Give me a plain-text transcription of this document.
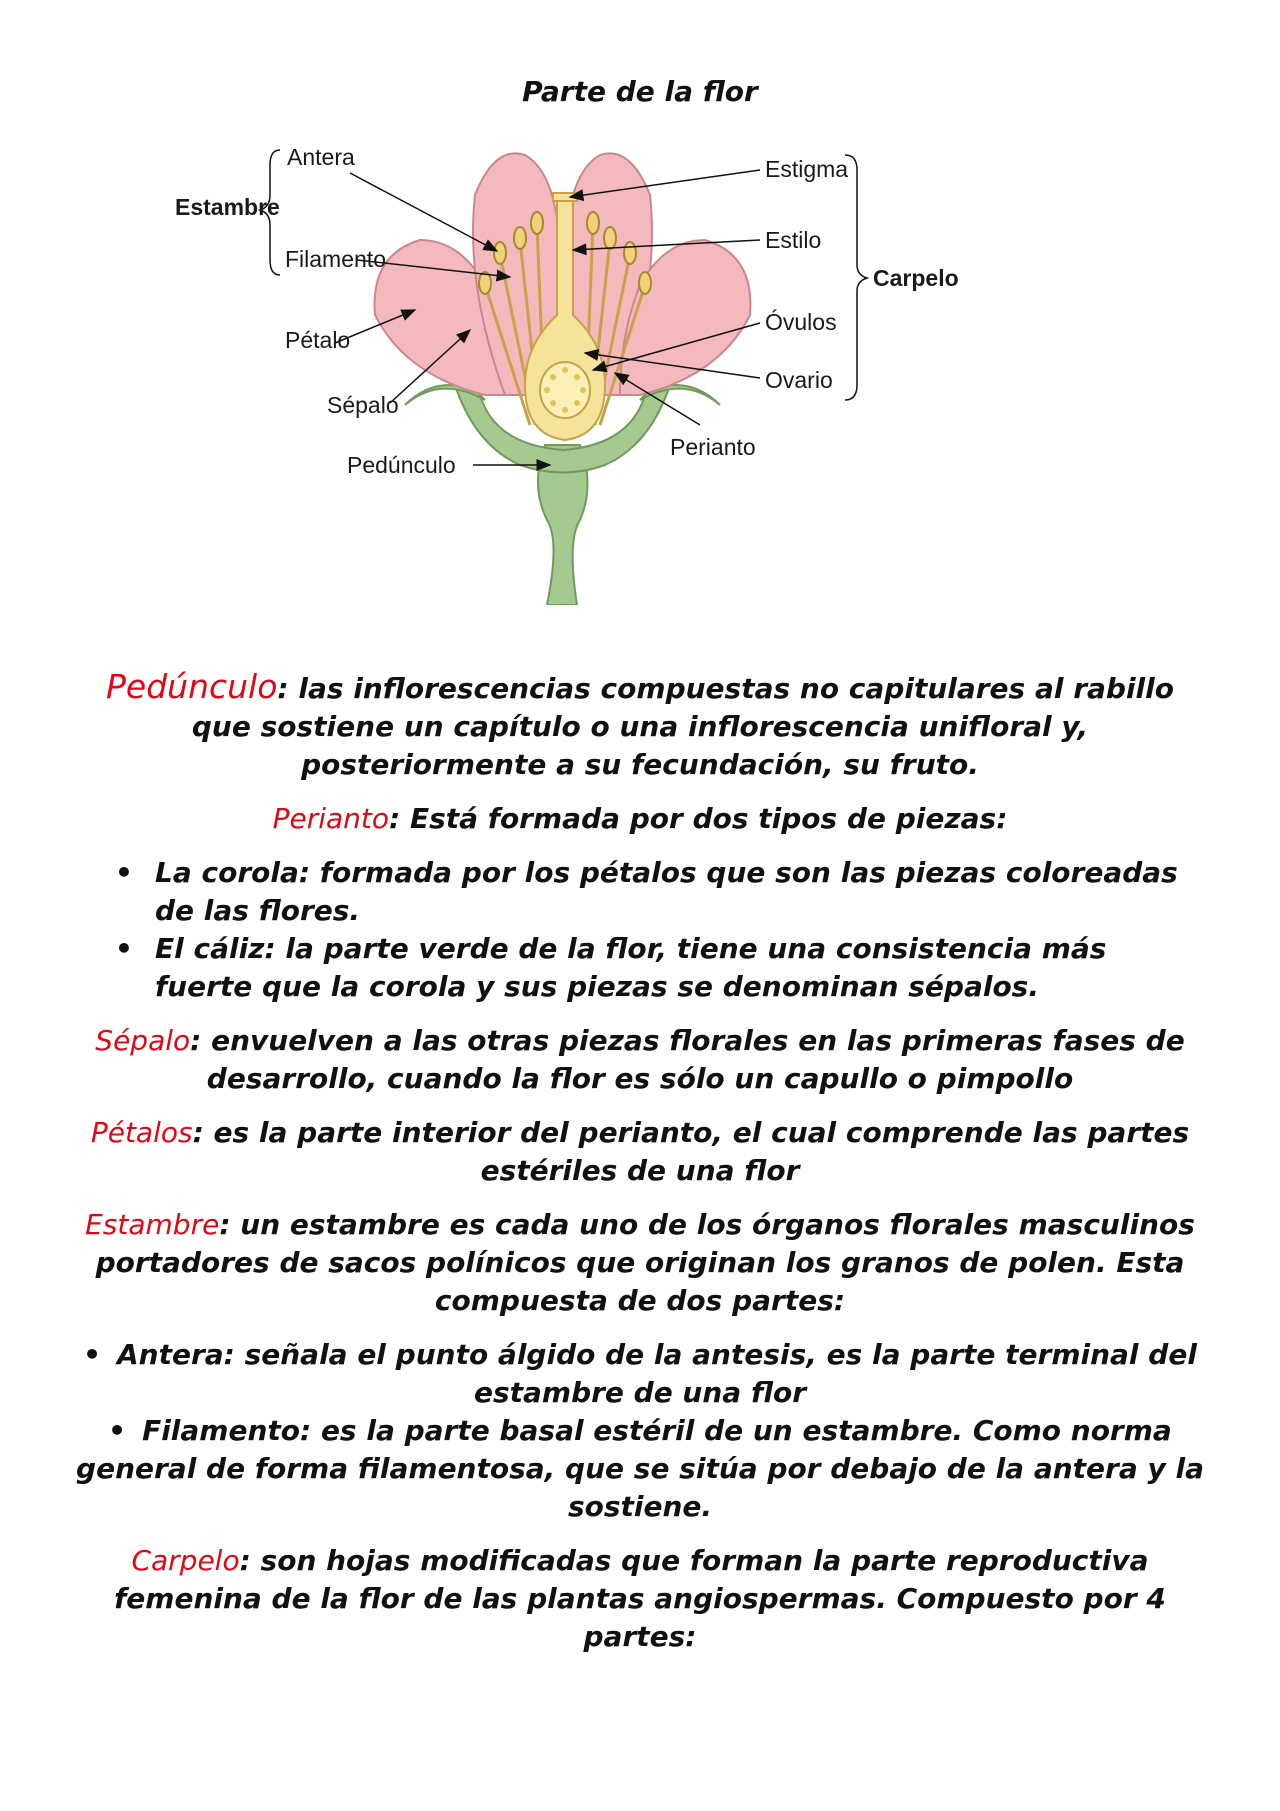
Parte de la flor
Antera
Estambre
Filamento
Pétalo
Sépalo
Pedúnculo
Estigma
Estilo
Carpelo
Óvulos
Ovario
Perianto

Pedúnculo: las inflorescencias compuestas no capitulares al rabillo que sostiene un capítulo o una inflorescencia unifloral y, posteriormente a su fecundación, su fruto.

Perianto: Está formada por dos tipos de piezas:

• La corola: formada por los pétalos que son las piezas coloreadas de las flores.
• El cáliz: la parte verde de la flor, tiene una consistencia más fuerte que la corola y sus piezas se denominan sépalos.

Sépalo: envuelven a las otras piezas florales en las primeras fases de desarrollo, cuando la flor es sólo un capullo o pimpollo

Pétalos: es la parte interior del perianto, el cual comprende las partes estériles de una flor

Estambre: un estambre es cada uno de los órganos florales masculinos portadores de sacos polínicos que originan los granos de polen. Esta compuesta de dos partes:

• Antera: señala el punto álgido de la antesis, es la parte terminal del estambre de una flor
• Filamento: es la parte basal estéril de un estambre. Como norma general de forma filamentosa, que se sitúa por debajo de la antera y la sostiene.

Carpelo: son hojas modificadas que forman la parte reproductiva femenina de la flor de las plantas angiospermas. Compuesto por 4 partes:
